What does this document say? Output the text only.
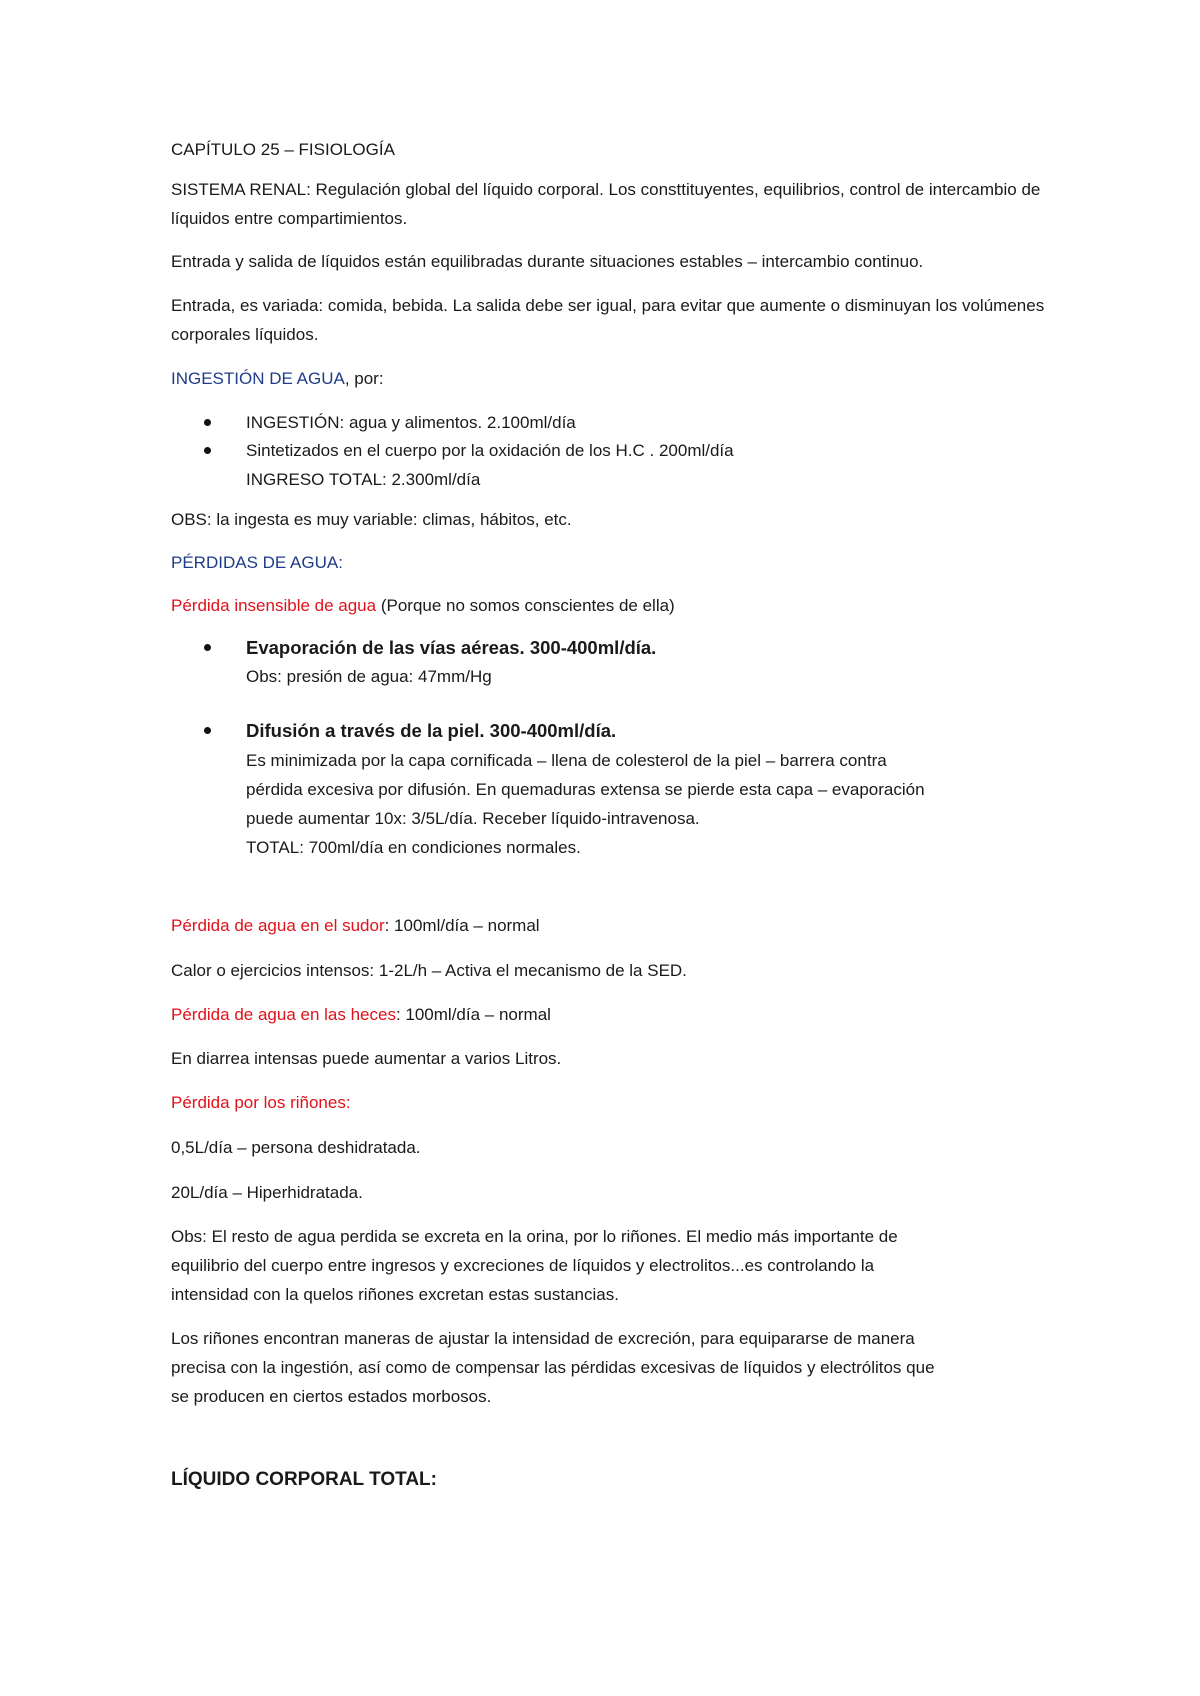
CAPÍTULO 25 – FISIOLOGÍA
SISTEMA RENAL: Regulación global del líquido corporal. Los consttituyentes, equilibrios, control de intercambio de líquidos entre compartimientos.
Entrada y salida de líquidos están equilibradas durante situaciones estables – intercambio continuo.
Entrada, es variada: comida, bebida. La salida debe ser igual, para evitar que aumente o disminuyan los volúmenes corporales líquidos.
INGESTIÓN DE AGUA, por:
INGESTIÓN: agua y alimentos. 2.100ml/día
Sintetizados en el cuerpo por la oxidación de los H.C . 200ml/día
INGRESO TOTAL: 2.300ml/día
OBS: la ingesta es muy variable: climas, hábitos, etc.
PÉRDIDAS DE AGUA:
Pérdida insensible de agua (Porque no somos conscientes de ella)
Evaporación de las vías aéreas. 300-400ml/día.
Obs: presión de agua: 47mm/Hg
Difusión a través de la piel. 300-400ml/día.
Es minimizada por la capa cornificada – llena de colesterol de la piel – barrera contra
pérdida excesiva por difusión. En quemaduras extensa se pierde esta capa – evaporación
puede aumentar 10x: 3/5L/día. Receber líquido-intravenosa.
TOTAL: 700ml/día en condiciones normales.
Pérdida de agua en el sudor: 100ml/día – normal
Calor o ejercicios intensos: 1-2L/h – Activa el mecanismo de la SED.
Pérdida de agua en las heces: 100ml/día – normal
En diarrea intensas puede aumentar a varios Litros.
Pérdida por los riñones:
0,5L/día – persona deshidratada.
20L/día – Hiperhidratada.
Obs: El resto de agua perdida se excreta en la orina, por lo riñones. El medio más importante de
equilibrio del cuerpo entre ingresos y excreciones de líquidos y electrolitos...es controlando la
intensidad con la quelos riñones excretan estas sustancias.
Los riñones encontran maneras de ajustar la intensidad de excreción, para equipararse de manera
precisa con la ingestión, así como de compensar las pérdidas excesivas de líquidos y electrólitos que
se producen en ciertos estados morbosos.
LÍQUIDO CORPORAL TOTAL:
